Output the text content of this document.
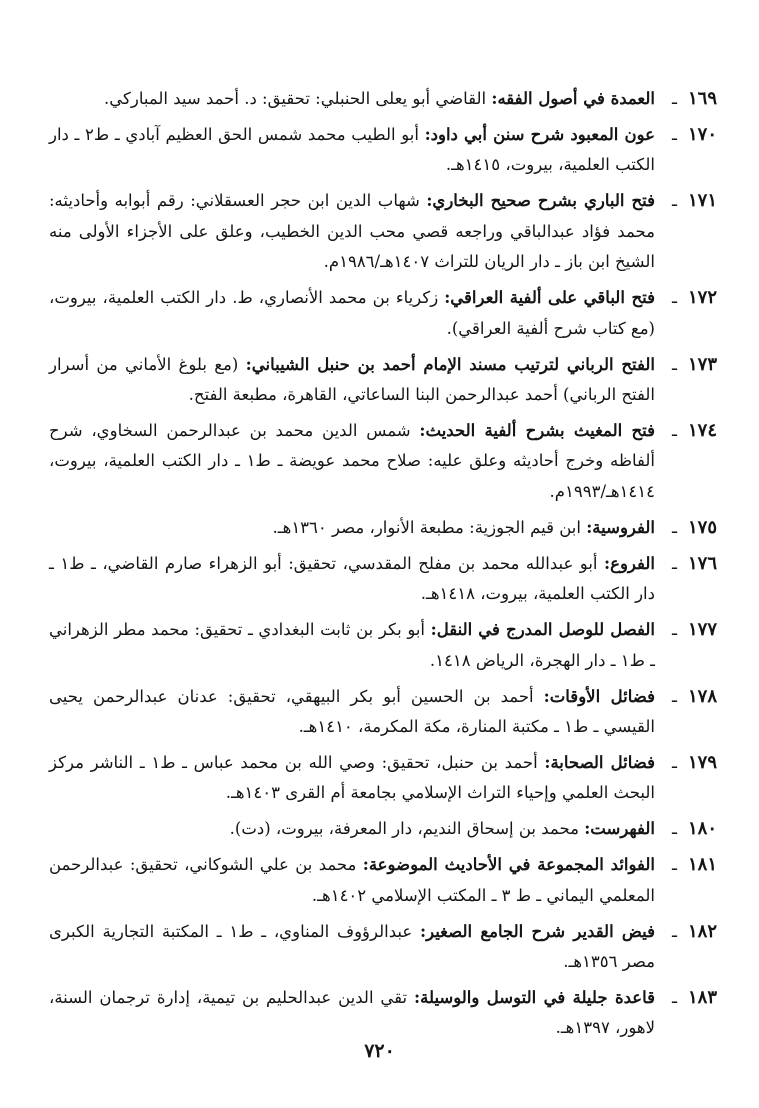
١٦٩
ـ
العمدة في أصول الفقه: القاضي أبو يعلى الحنبلي: تحقيق: د. أحمد سيد المباركي.
١٧٠
ـ
عون المعبود شرح سنن أبي داود: أبو الطيب محمد شمس الحق العظيم آبادي ـ ط٢ ـ دار الكتب العلمية، بيروت، ١٤١٥هـ.
١٧١
ـ
فتح الباري بشرح صحيح البخاري: شهاب الدين ابن حجر العسقلاني: رقم أبوابه وأحاديثه: محمد فؤاد عبدالباقي وراجعه قصي محب الدين الخطيب، وعلق على الأجزاء الأولى منه الشيخ ابن باز ـ دار الريان للتراث ١٤٠٧هـ/١٩٨٦م.
١٧٢
ـ
فتح الباقي على ألفية العراقي: زكرياء بن محمد الأنصاري، ط. دار الكتب العلمية، بيروت، (مع كتاب شرح ألفية العراقي).
١٧٣
ـ
الفتح الرباني لترتيب مسند الإمام أحمد بن حنبل الشيباني: (مع بلوغ الأماني من أسرار الفتح الرباني) أحمد عبدالرحمن البنا الساعاتي، القاهرة، مطبعة الفتح.
١٧٤
ـ
فتح المغيث بشرح ألفية الحديث: شمس الدين محمد بن عبدالرحمن السخاوي، شرح ألفاظه وخرج أحاديثه وعلق عليه: صلاح محمد عويضة ـ ط١ ـ دار الكتب العلمية، بيروت، ١٤١٤هـ/١٩٩٣م.
١٧٥
ـ
الفروسية: ابن قيم الجوزية: مطبعة الأنوار، مصر ١٣٦٠هـ.
١٧٦
ـ
الفروع: أبو عبدالله محمد بن مفلح المقدسي، تحقيق: أبو الزهراء صارم القاضي، ـ ط١ ـ دار الكتب العلمية، بيروت، ١٤١٨هـ.
١٧٧
ـ
الفصل للوصل المدرج في النقل: أبو بكر بن ثابت البغدادي ـ تحقيق: محمد مطر الزهراني ـ ط١ ـ دار الهجرة، الرياض ١٤١٨.
١٧٨
ـ
فضائل الأوقات: أحمد بن الحسين أبو بكر البيهقي، تحقيق: عدنان عبدالرحمن يحيى القيسي ـ ط١ ـ مكتبة المنارة، مكة المكرمة، ١٤١٠هـ.
١٧٩
ـ
فضائل الصحابة: أحمد بن حنبل، تحقيق: وصي الله بن محمد عباس ـ ط١ ـ الناشر مركز البحث العلمي وإحياء التراث الإسلامي بجامعة أم القرى ١٤٠٣هـ.
١٨٠
ـ
الفهرست: محمد بن إسحاق النديم، دار المعرفة، بيروت، (دت).
١٨١
ـ
الفوائد المجموعة في الأحاديث الموضوعة: محمد بن علي الشوكاني، تحقيق: عبدالرحمن المعلمي اليماني ـ ط ٣ ـ المكتب الإسلامي ١٤٠٢هـ.
١٨٢
ـ
فيض القدير شرح الجامع الصغير: عبدالرؤوف المناوي، ـ ط١ ـ المكتبة التجارية الكبرى مصر ١٣٥٦هـ.
١٨٣
ـ
قاعدة جليلة في التوسل والوسيلة: تقي الدين عبدالحليم بن تيمية، إدارة ترجمان السنة، لاهور، ١٣٩٧هـ.
٧٢٠
